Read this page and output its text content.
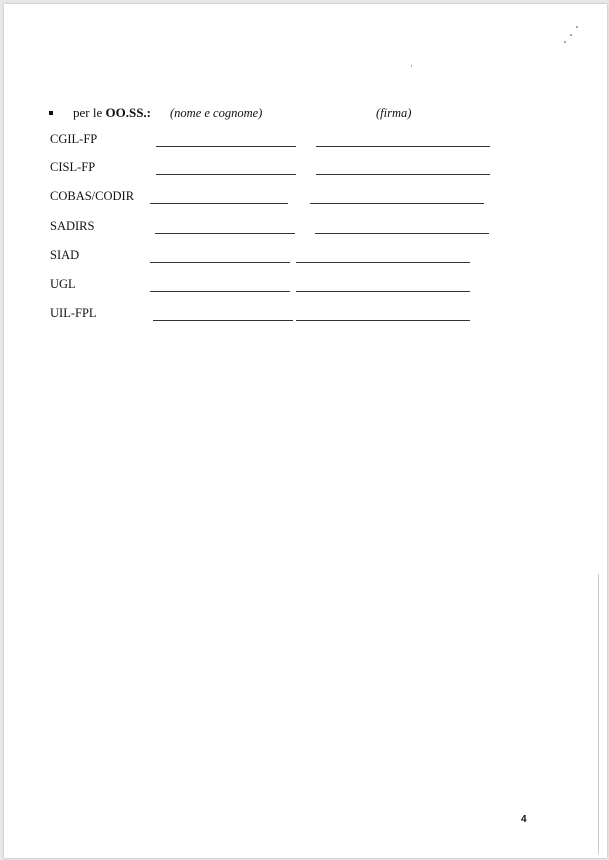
per le OO.SS.: (nome e cognome)	(firma)
CGIL-FP
CISL-FP
COBAS/CODIR
SADIRS
SIAD
UGL
UIL-FPL
4
